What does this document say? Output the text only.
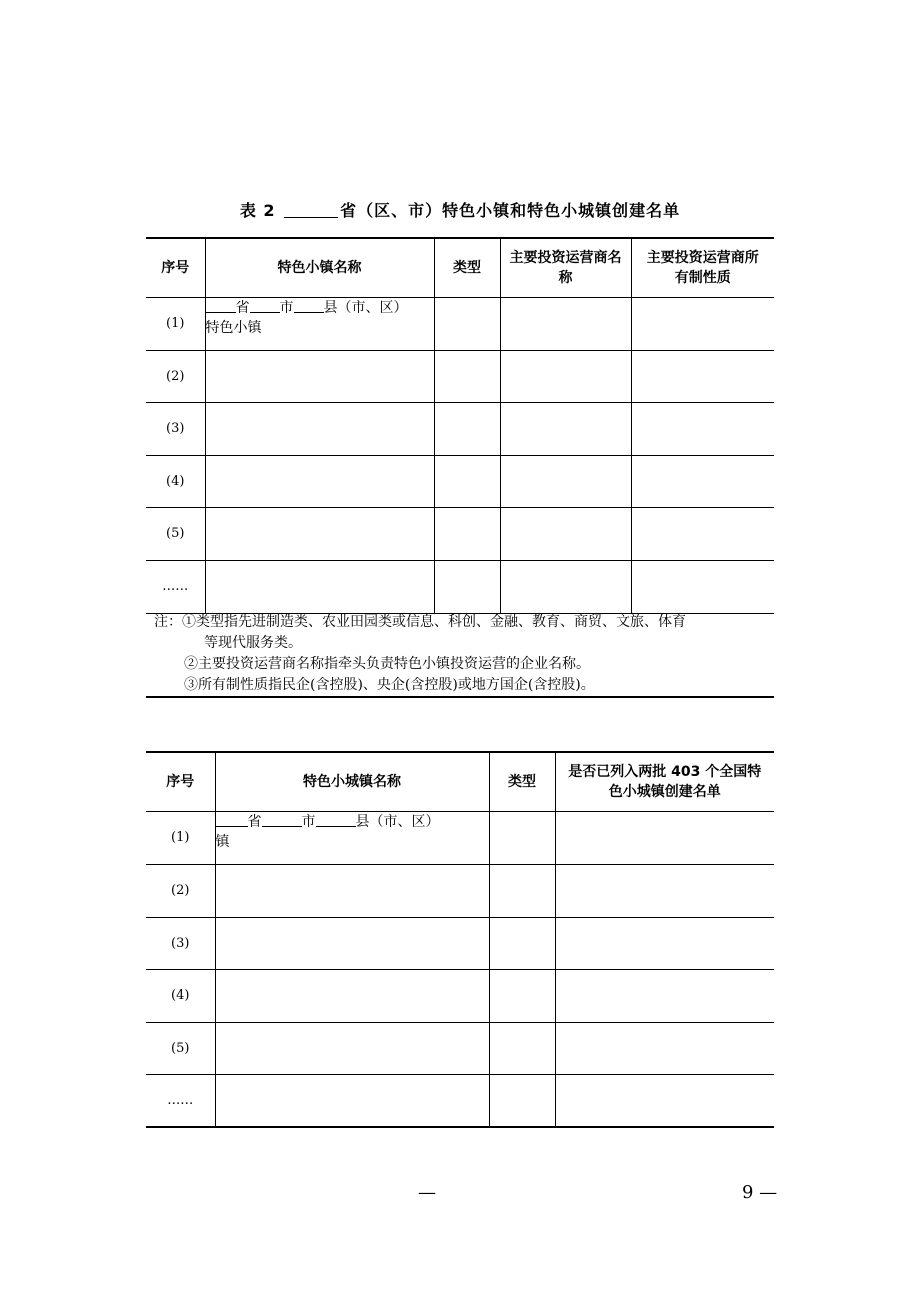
表 2	省（区、市）特色小镇和特色小城镇创建名单
序号	特色小镇名称	类型	主要投资运营商名称	主要投资运营商所有制性质

(1)	省 市 县（市、区）
特色小镇			
(2)				
(3)				
(4)				
(5)				
……				
注：①类型指先进制造类、农业田园类或信息、科创、金融、教育、商贸、文旅、体育
等现代服务类。
②主要投资运营商名称指牵头负责特色小镇投资运营的企业名称。
③所有制性质指民企(含控股)、央企(含控股)或地方国企(含控股)。
序号	特色小城镇名称	类型	是否已列入两批 403 个全国特色小城镇创建名单

(1)	省 市 县（市、区）
镇		
(2)			
(3)			
(4)			
(5)			
……			
—	9 —
